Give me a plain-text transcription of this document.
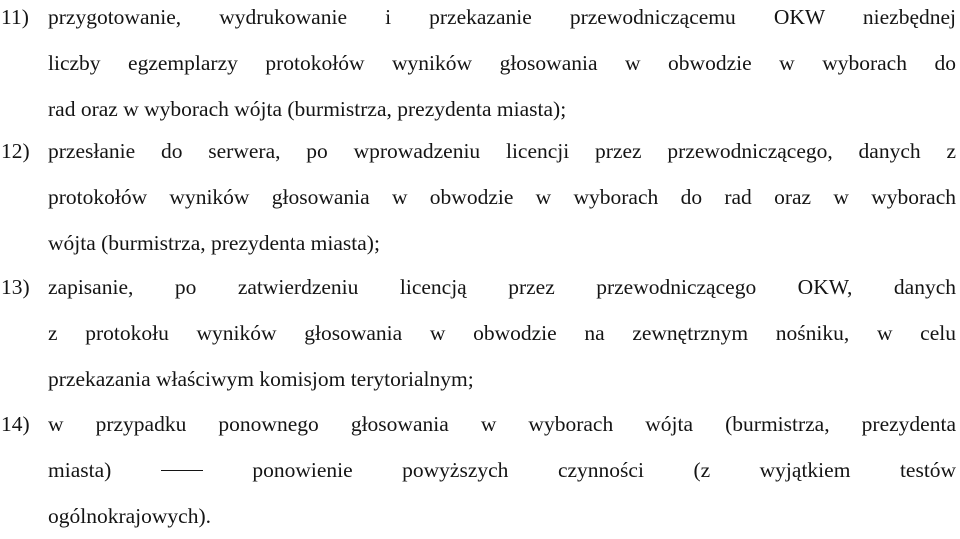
11) przygotowanie, wydrukowanie i przekazanie przewodniczącemu OKW niezbędnej
liczby egzemplarzy protokołów wyników głosowania w obwodzie w wyborach do
rad oraz w wyborach wójta (burmistrza, prezydenta miasta);
12) przesłanie do serwera, po wprowadzeniu licencji przez przewodniczącego, danych z
protokołów wyników głosowania w obwodzie w wyborach do rad oraz w wyborach
wójta (burmistrza, prezydenta miasta);
13) zapisanie, po zatwierdzeniu licencją przez przewodniczącego OKW, danych
z protokołu wyników głosowania w obwodzie na zewnętrznym nośniku, w celu
przekazania właściwym komisjom terytorialnym;
14) w przypadku ponownego głosowania w wyborach wójta (burmistrza, prezydenta
miasta)	ponowienie powyższych czynności (z wyjątkiem testów
ogólnokrajowych).
